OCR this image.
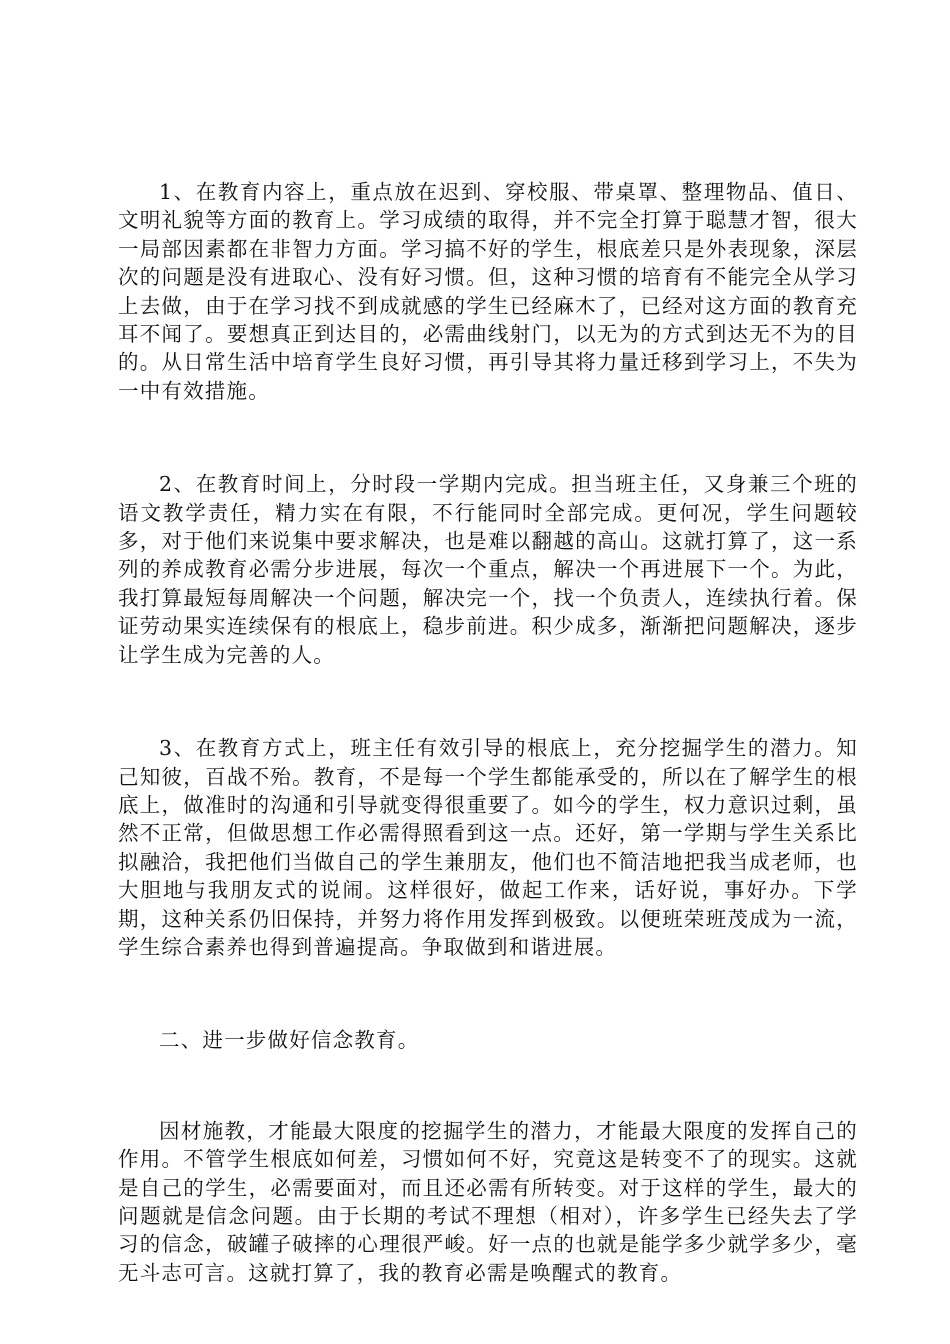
1、在教育内容上，重点放在迟到、穿校服、带桌罩、整理物品、值日、文明礼貌等方面的教育上。学习成绩的取得，并不完全打算于聪慧才智，很大一局部因素都在非智力方面。学习搞不好的学生，根底差只是外表现象，深层次的问题是没有进取心、没有好习惯。但，这种习惯的培育有不能完全从学习上去做，由于在学习找不到成就感的学生已经麻木了，已经对这方面的教育充耳不闻了。要想真正到达目的，必需曲线射门，以无为的方式到达无不为的目的。从日常生活中培育学生良好习惯，再引导其将力量迁移到学习上，不失为一中有效措施。

2、在教育时间上，分时段一学期内完成。担当班主任，又身兼三个班的语文教学责任，精力实在有限，不行能同时全部完成。更何况，学生问题较多，对于他们来说集中要求解决，也是难以翻越的高山。这就打算了，这一系列的养成教育必需分步进展，每次一个重点，解决一个再进展下一个。为此，我打算最短每周解决一个问题，解决完一个，找一个负责人，连续执行着。保证劳动果实连续保有的根底上，稳步前进。积少成多，渐渐把问题解决，逐步让学生成为完善的人。

3、在教育方式上，班主任有效引导的根底上，充分挖掘学生的潜力。知己知彼，百战不殆。教育，不是每一个学生都能承受的，所以在了解学生的根底上，做准时的沟通和引导就变得很重要了。如今的学生，权力意识过剩，虽然不正常，但做思想工作必需得照看到这一点。还好，第一学期与学生关系比拟融洽，我把他们当做自己的学生兼朋友，他们也不简洁地把我当成老师，也大胆地与我朋友式的说闹。这样很好，做起工作来，话好说，事好办。下学期，这种关系仍旧保持，并努力将作用发挥到极致。以便班荣班茂成为一流，学生综合素养也得到普遍提高。争取做到和谐进展。

二、进一步做好信念教育。

因材施教，才能最大限度的挖掘学生的潜力，才能最大限度的发挥自己的作用。不管学生根底如何差，习惯如何不好，究竟这是转变不了的现实。这就是自己的学生，必需要面对，而且还必需有所转变。对于这样的学生，最大的问题就是信念问题。由于长期的考试不理想（相对），许多学生已经失去了学习的信念，破罐子破摔的心理很严峻。好一点的也就是能学多少就学多少，毫无斗志可言。这就打算了，我的教育必需是唤醒式的教育。
